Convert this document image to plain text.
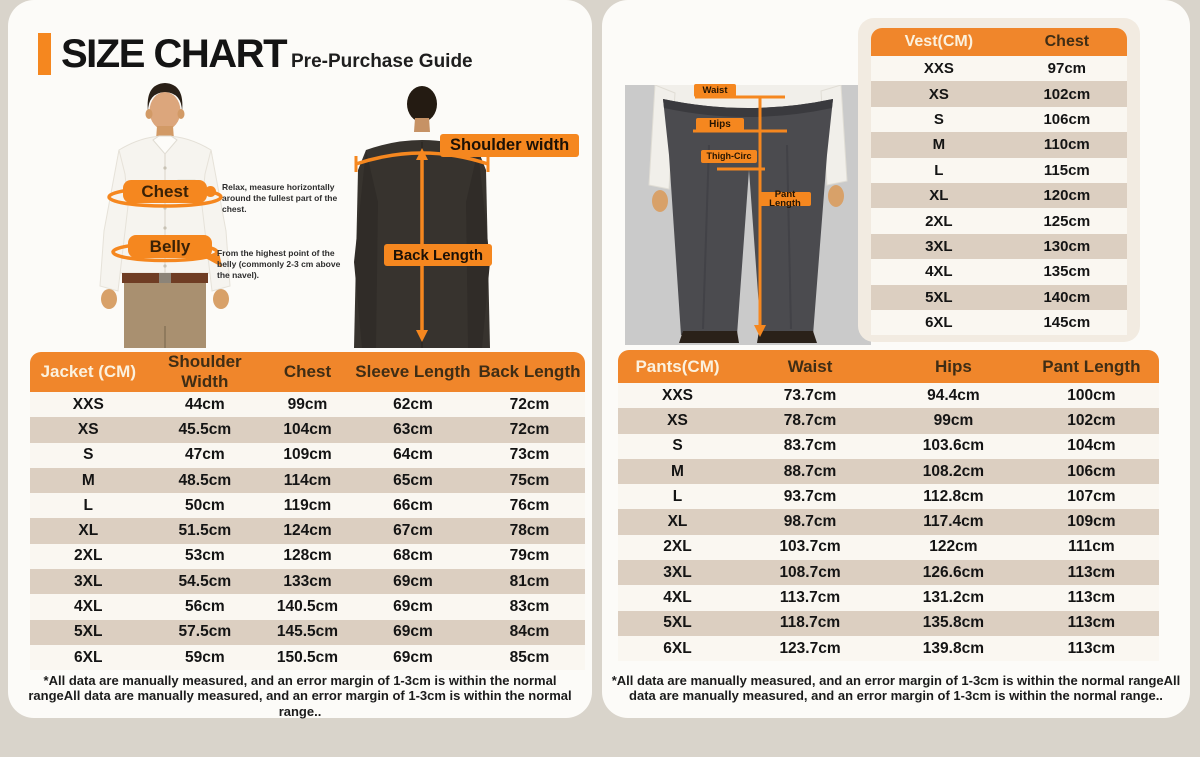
SIZE CHART Pre-Purchase Guide
Chest	Relax, measure horizontally around the fullest part of the chest.
Belly	From the highest point of the belly (commonly 2-3 cm above the navel).
Shoulder width
Back Length
Jacket (CM)	Shoulder Width	Chest	Sleeve Length	Back Length
XXS	44cm	99cm	62cm	72cm
XS	45.5cm	104cm	63cm	72cm
S	47cm	109cm	64cm	73cm
M	48.5cm	114cm	65cm	75cm
L	50cm	119cm	66cm	76cm
XL	51.5cm	124cm	67cm	78cm
2XL	53cm	128cm	68cm	79cm
3XL	54.5cm	133cm	69cm	81cm
4XL	56cm	140.5cm	69cm	83cm
5XL	57.5cm	145.5cm	69cm	84cm
6XL	59cm	150.5cm	69cm	85cm
*All data are manually measured, and an error margin of 1-3cm is within the normal rangeAll data are manually measured, and an error margin of 1-3cm is within the normal range..
Waist
Hips
Thigh-Circ
Pant Length
Vest(CM)	Chest
XXS	97cm
XS	102cm
S	106cm
M	110cm
L	115cm
XL	120cm
2XL	125cm
3XL	130cm
4XL	135cm
5XL	140cm
6XL	145cm
Pants(CM)	Waist	Hips	Pant Length
XXS	73.7cm	94.4cm	100cm
XS	78.7cm	99cm	102cm
S	83.7cm	103.6cm	104cm
M	88.7cm	108.2cm	106cm
L	93.7cm	112.8cm	107cm
XL	98.7cm	117.4cm	109cm
2XL	103.7cm	122cm	111cm
3XL	108.7cm	126.6cm	113cm
4XL	113.7cm	131.2cm	113cm
5XL	118.7cm	135.8cm	113cm
6XL	123.7cm	139.8cm	113cm
*All data are manually measured, and an error margin of 1-3cm is within the normal rangeAll data are manually measured, and an error margin of 1-3cm is within the normal range..
